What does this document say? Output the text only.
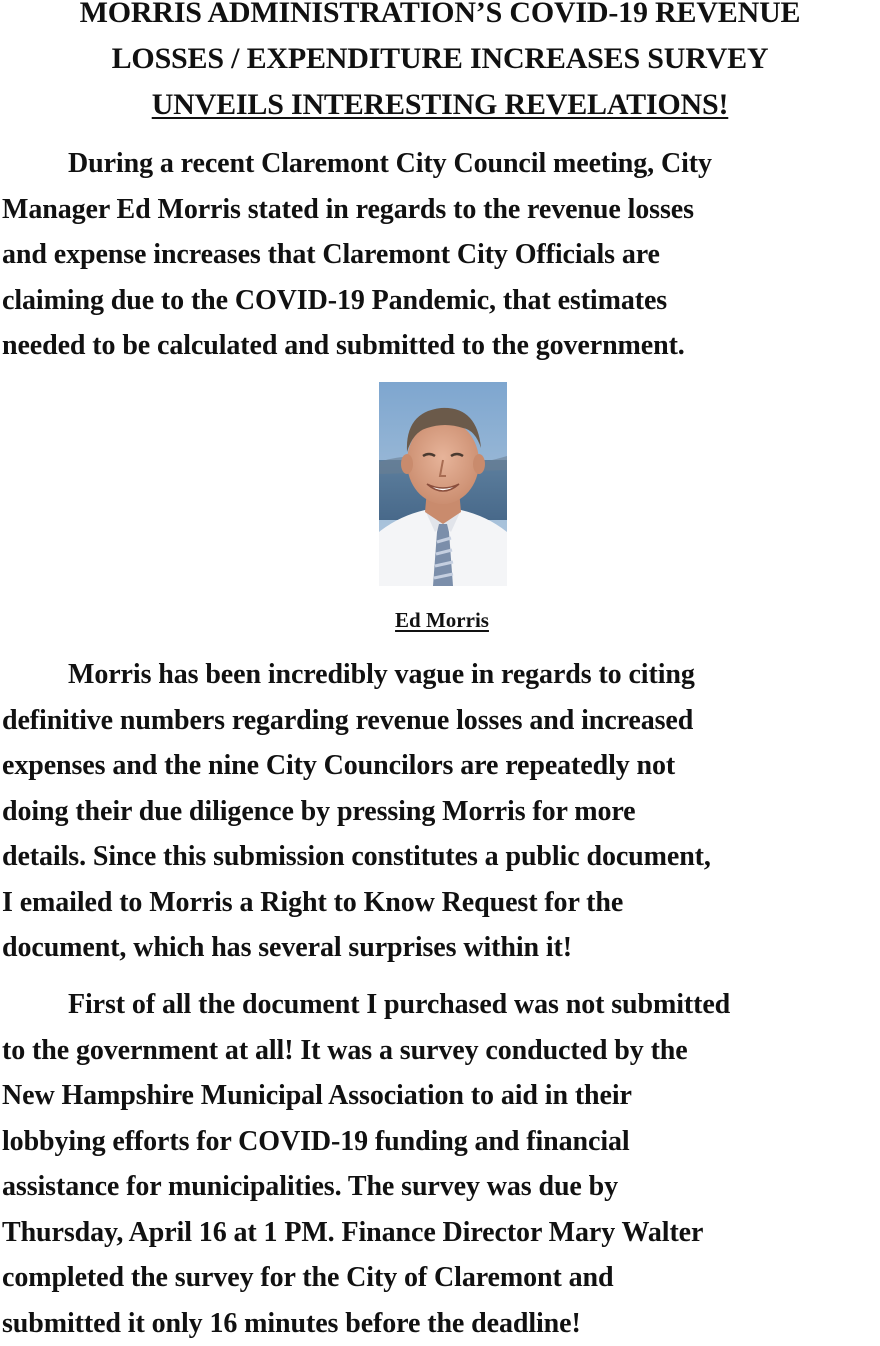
MORRIS ADMINISTRATION’S COVID-19 REVENUE
LOSSES / EXPENDITURE INCREASES SURVEY
UNVEILS INTERESTING REVELATIONS!
During a recent Claremont City Council meeting, City
Manager Ed Morris stated in regards to the revenue losses
and expense increases that Claremont City Officials are
claiming due to the COVID-19 Pandemic, that estimates
needed to be calculated and submitted to the government.
Ed Morris
Morris has been incredibly vague in regards to citing
definitive numbers regarding revenue losses and increased
expenses and the nine City Councilors are repeatedly not
doing their due diligence by pressing Morris for more
details. Since this submission constitutes a public document,
I emailed to Morris a Right to Know Request for the
document, which has several surprises within it!
First of all the document I purchased was not submitted
to the government at all! It was a survey conducted by the
New Hampshire Municipal Association to aid in their
lobbying efforts for COVID-19 funding and financial
assistance for municipalities. The survey was due by
Thursday, April 16 at 1 PM. Finance Director Mary Walter
completed the survey for the City of Claremont and
submitted it only 16 minutes before the deadline!
